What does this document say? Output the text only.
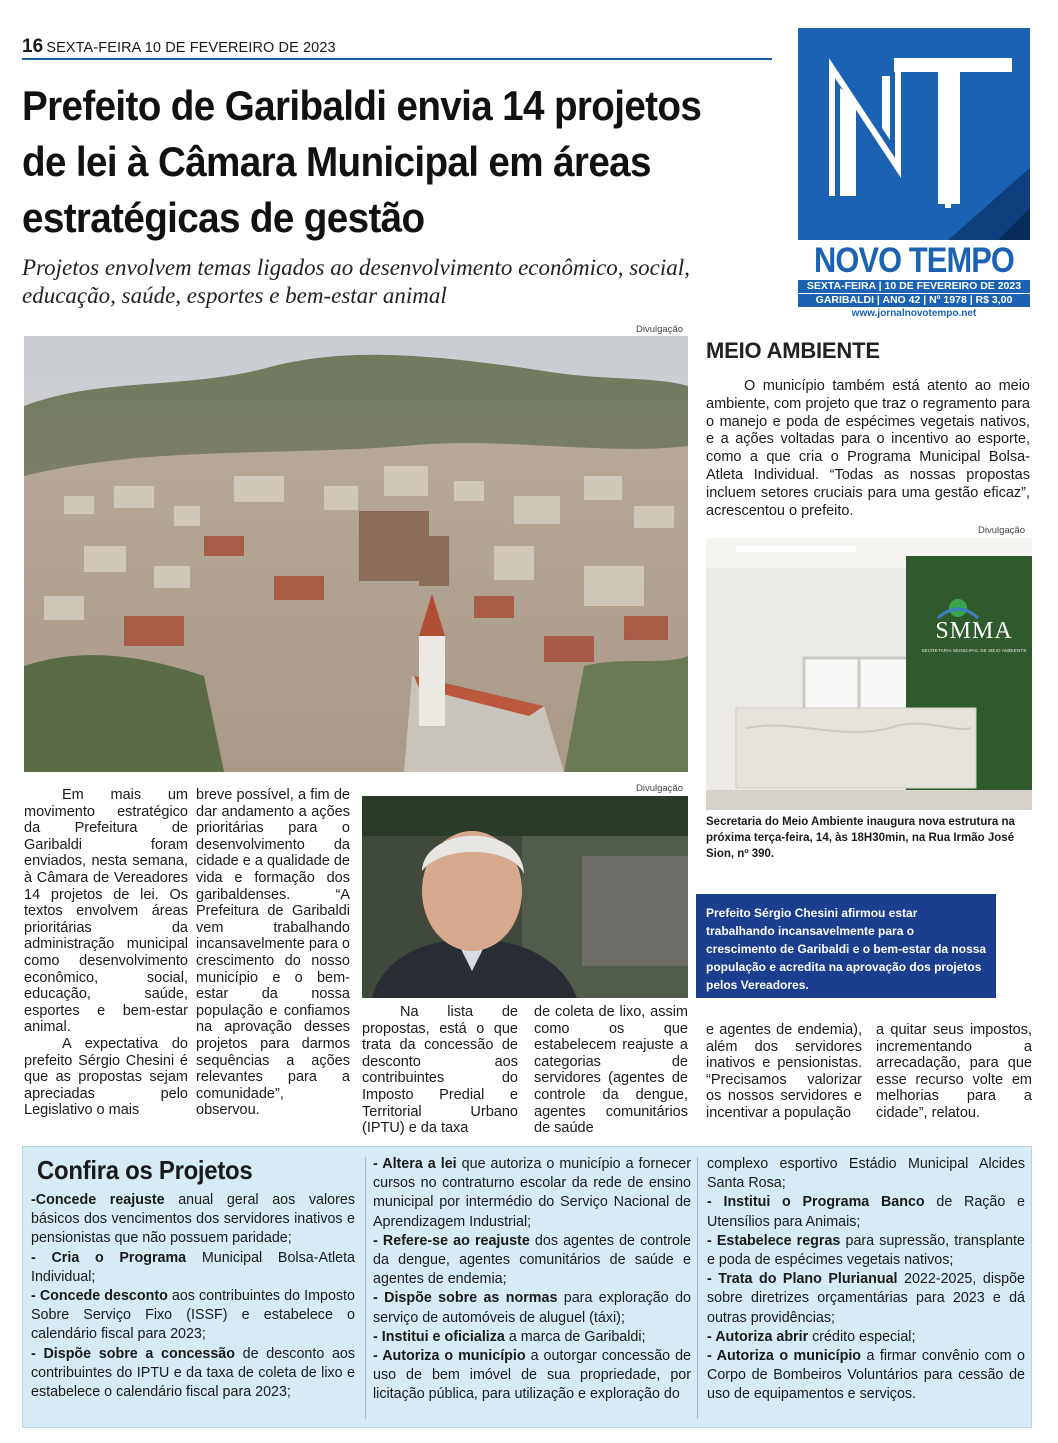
16 SEXTA-FEIRA 10 DE FEVEREIRO DE 2023
Prefeito de Garibaldi envia 14 projetos de lei à Câmara Municipal em áreas estratégicas de gestão
Projetos envolvem temas ligados ao desenvolvimento econômico, social, educação, saúde, esportes e bem-estar animal
NOVO TEMPO
SEXTA-FEIRA | 10 DE FEVEREIRO DE 2023
GARIBALDI | ANO 42 | Nº 1978 | R$ 3,00
www.jornalnovotempo.net
Divulgação
MEIO AMBIENTE

O município também está atento ao meio ambiente, com projeto que traz o regramento para o manejo e poda de espécimes vegetais nativos, e a ações voltadas para o incentivo ao esporte, como a que cria o Programa Municipal Bolsa-Atleta Individual. “Todas as nossas propostas incluem setores cruciais para uma gestão eficaz”, acrescentou o prefeito.

Divulgação
SMMA
SECRETARIA MUNICIPAL DE MEIO AMBIENTE
Secretaria do Meio Ambiente inaugura nova estrutura na próxima terça-feira, 14, às 18H30min, na Rua Irmão José Sion, nº 390.

Em mais um movimento estratégico da Prefeitura de Garibaldi foram enviados, nesta semana, à Câmara de Vereadores 14 projetos de lei. Os textos envolvem áreas prioritárias da administração municipal como desenvolvimento econômico, social, educação, saúde, esportes e bem-estar animal.

A expectativa do prefeito Sérgio Chesini é que as propostas sejam apreciadas pelo Legislativo o mais

breve possível, a fim de dar andamento a ações prioritárias para o desenvolvimento da cidade e a qualidade de vida e formação dos garibaldenses. “A Prefeitura de Garibaldi vem trabalhando incansavelmente para o crescimento do nosso município e o bem-estar da nossa população e confiamos na aprovação desses projetos para darmos sequências a ações relevantes para a comunidade”, observou.

Divulgação
Prefeito Sérgio Chesini afirmou estar trabalhando incansavelmente para o crescimento de Garibaldi e o bem-estar da nossa população e acredita na aprovação dos projetos pelos Vereadores.

Na lista de propostas, está o que trata da concessão de desconto aos contribuintes do Imposto Predial e Territorial Urbano (IPTU) e da taxa

de coleta de lixo, assim como os que estabelecem reajuste a categorias de servidores (agentes de controle da dengue, agentes comunitários de saúde

e agentes de endemia), além dos servidores inativos e pensionistas. “Precisamos valorizar os nossos servidores e incentivar a população

a quitar seus impostos, incrementando a arrecadação, para que esse recurso volte em melhorias para a cidade”, relatou.

Confira os Projetos
-Concede reajuste anual geral aos valores básicos dos vencimentos dos servidores inativos e pensionistas que não possuem paridade;
- Cria o Programa Municipal Bolsa-Atleta Individual;
- Concede desconto aos contribuintes do Imposto Sobre Serviço Fixo (ISSF) e estabelece o calendário fiscal para 2023;
- Dispõe sobre a concessão de desconto aos contribuintes do IPTU e da taxa de coleta de lixo e estabelece o calendário fiscal para 2023;
- Altera a lei que autoriza o município a fornecer cursos no contraturno escolar da rede de ensino municipal por intermédio do Serviço Nacional de Aprendizagem Industrial;
- Refere-se ao reajuste dos agentes de controle da dengue, agentes comunitários de saúde e agentes de endemia;
- Dispõe sobre as normas para exploração do serviço de automóveis de aluguel (táxi);
- Institui e oficializa a marca de Garibaldi;
- Autoriza o município a outorgar concessão de uso de bem imóvel de sua propriedade, por licitação pública, para utilização e exploração do
complexo esportivo Estádio Municipal Alcides Santa Rosa;
- Institui o Programa Banco de Ração e Utensílios para Animais;
- Estabelece regras para supressão, transplante e poda de espécimes vegetais nativos;
- Trata do Plano Plurianual 2022-2025, dispõe sobre diretrizes orçamentárias para 2023 e dá outras providências;
- Autoriza abrir crédito especial;
- Autoriza o município a firmar convênio com o Corpo de Bombeiros Voluntários para cessão de uso de equipamentos e serviços.
